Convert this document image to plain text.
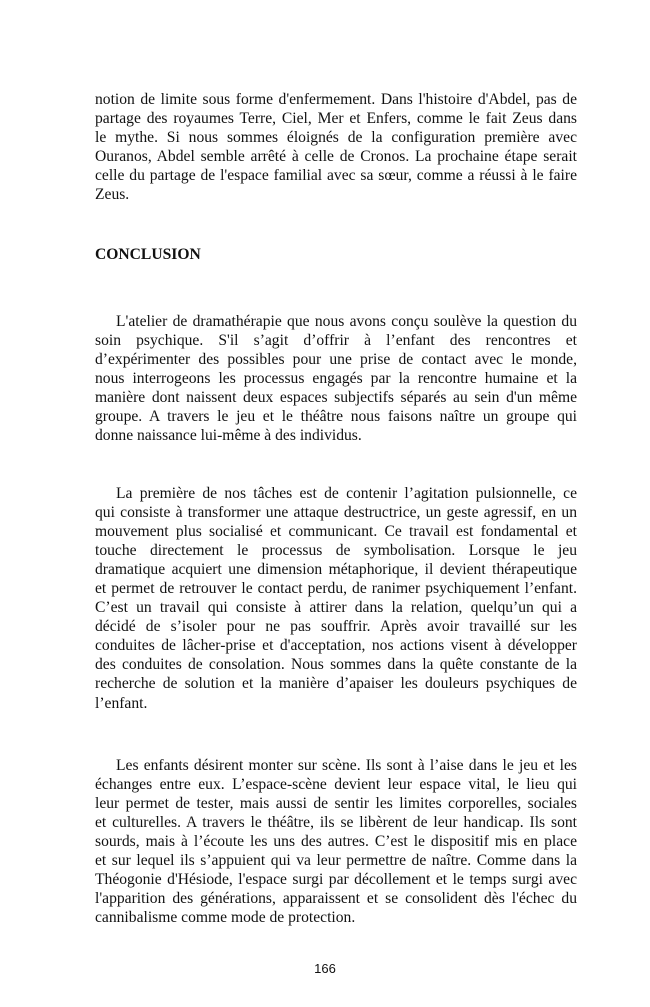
notion de limite sous forme d'enfermement. Dans l'histoire d'Abdel, pas de
partage des royaumes Terre, Ciel, Mer et Enfers, comme le fait Zeus dans
le mythe. Si nous sommes éloignés de la configuration première avec
Ouranos, Abdel semble arrêté à celle de Cronos. La prochaine étape serait
celle du partage de l'espace familial avec sa sœur, comme a réussi à le faire
Zeus.
CONCLUSION
L'atelier de dramathérapie que nous avons conçu soulève la question du
soin psychique. S'il s’agit d’offrir à l’enfant des rencontres et
d’expérimenter des possibles pour une prise de contact avec le monde,
nous interrogeons les processus engagés par la rencontre humaine et la
manière dont naissent deux espaces subjectifs séparés au sein d'un même
groupe. A travers le jeu et le théâtre nous faisons naître un groupe qui
donne naissance lui-même à des individus.
La première de nos tâches est de contenir l’agitation pulsionnelle, ce
qui consiste à transformer une attaque destructrice, un geste agressif, en un
mouvement plus socialisé et communicant. Ce travail est fondamental et
touche directement le processus de symbolisation. Lorsque le jeu
dramatique acquiert une dimension métaphorique, il devient thérapeutique
et permet de retrouver le contact perdu, de ranimer psychiquement l’enfant.
C’est un travail qui consiste à attirer dans la relation, quelqu’un qui a
décidé de s’isoler pour ne pas souffrir. Après avoir travaillé sur les
conduites de lâcher-prise et d'acceptation, nos actions visent à développer
des conduites de consolation. Nous sommes dans la quête constante de la
recherche de solution et la manière d’apaiser les douleurs psychiques de
l’enfant.
Les enfants désirent monter sur scène. Ils sont à l’aise dans le jeu et les
échanges entre eux. L’espace-scène devient leur espace vital, le lieu qui
leur permet de tester, mais aussi de sentir les limites corporelles, sociales
et culturelles. A travers le théâtre, ils se libèrent de leur handicap. Ils sont
sourds, mais à l’écoute les uns des autres. C’est le dispositif mis en place
et sur lequel ils s’appuient qui va leur permettre de naître. Comme dans la
Théogonie d'Hésiode, l'espace surgi par décollement et le temps surgi avec
l'apparition des générations, apparaissent et se consolident dès l'échec du
cannibalisme comme mode de protection.
166
